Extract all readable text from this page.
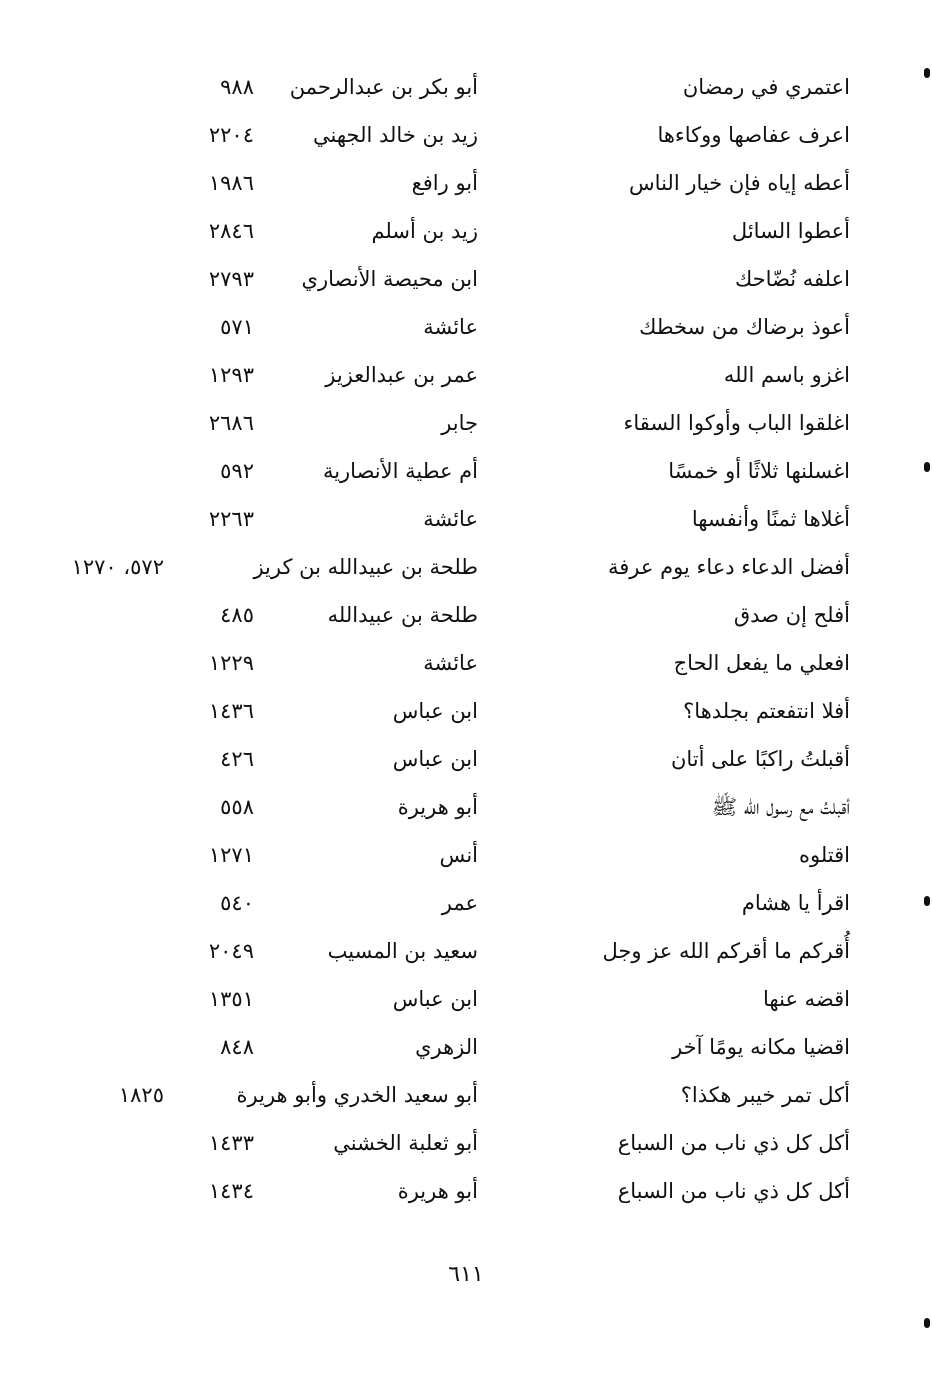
اعتمري في رمضان
أبو بكر بن عبدالرحمن
٩٨٨
اعرف عفاصها ووكاءها
زيد بن خالد الجهني
٢٢٠٤
أعطه إياه فإن خيار الناس
أبو رافع
١٩٨٦
أعطوا السائل
زيد بن أسلم
٢٨٤٦
اعلفه نُضّاحك
ابن محيصة الأنصاري
٢٧٩٣
أعوذ برضاك من سخطك
عائشة
٥٧١
اغزو باسم الله
عمر بن عبدالعزيز
١٢٩٣
اغلقوا الباب وأوكوا السقاء
جابر
٢٦٨٦
اغسلنها ثلاثًا أو خمسًا
أم عطية الأنصارية
٥٩٢
أغلاها ثمنًا وأنفسها
عائشة
٢٢٦٣
أفضل الدعاء دعاء يوم عرفة
طلحة بن عبيدالله بن كريز
٥٧٢، ١٢٧٠
أفلح إن صدق
طلحة بن عبيدالله
٤٨٥
افعلي ما يفعل الحاج
عائشة
١٢٢٩
أفلا انتفعتم بجلدها؟
ابن عباس
١٤٣٦
أقبلتُ راكبًا على أتان
ابن عباس
٤٢٦
أقبلتُ مع رسول الله ﷺ
أبو هريرة
٥٥٨
اقتلوه
أنس
١٢٧١
اقرأ يا هشام
عمر
٥٤٠
أُقركم ما أقركم الله عز وجل
سعيد بن المسيب
٢٠٤٩
اقضه عنها
ابن عباس
١٣٥١
اقضيا مكانه يومًا آخر
الزهري
٨٤٨
أكل تمر خيبر هكذا؟
أبو سعيد الخدري وأبو هريرة
١٨٢٥
أكل كل ذي ناب من السباع
أبو ثعلبة الخشني
١٤٣٣
أكل كل ذي ناب من السباع
أبو هريرة
١٤٣٤
٦١١
